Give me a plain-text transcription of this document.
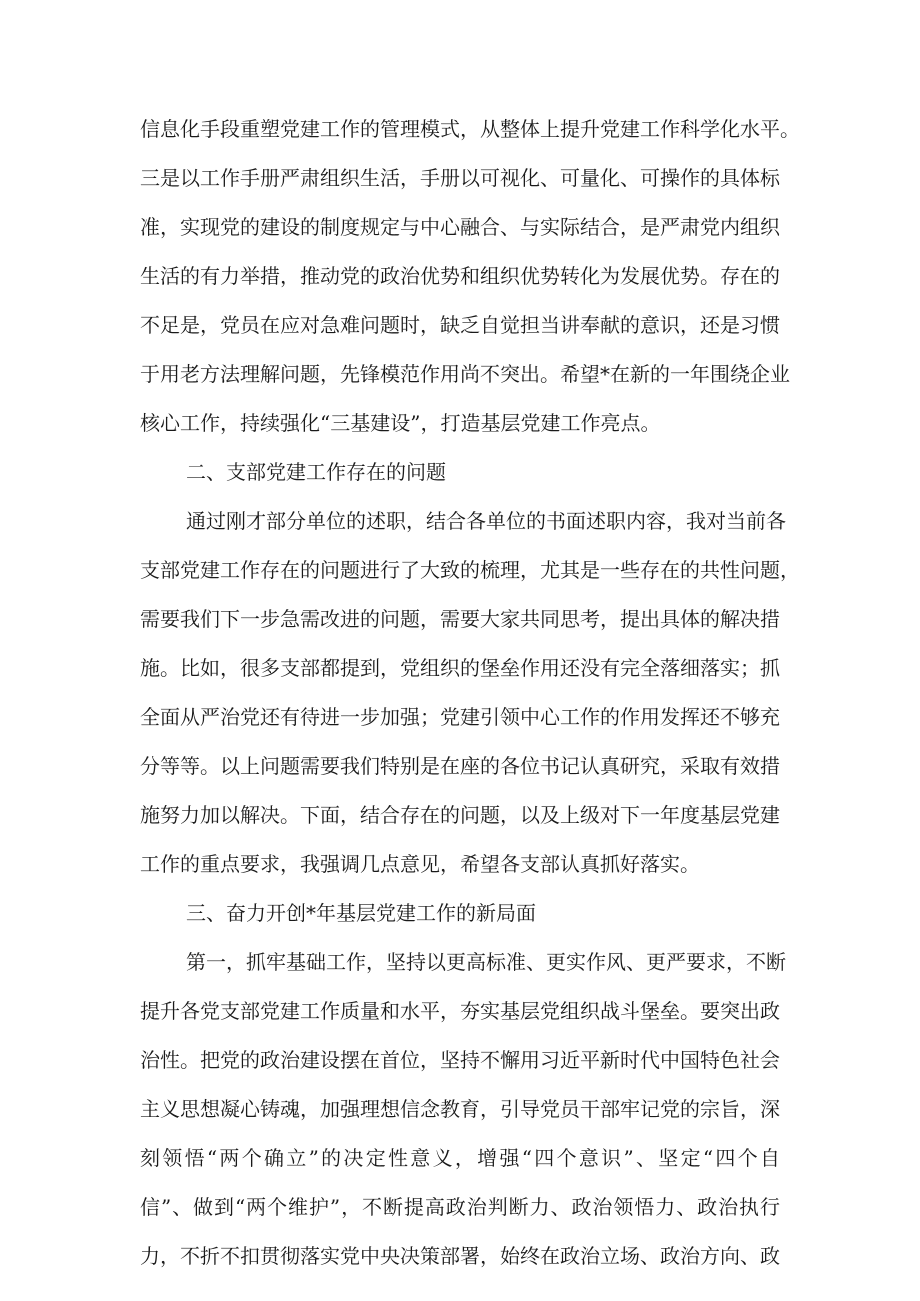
信息化手段重塑党建工作的管理模式，从整体上提升党建工作科学化水平。
三是以工作手册严肃组织生活，手册以可视化、可量化、可操作的具体标
准，实现党的建设的制度规定与中心融合、与实际结合，是严肃党内组织
生活的有力举措，推动党的政治优势和组织优势转化为发展优势。存在的
不足是，党员在应对急难问题时，缺乏自觉担当讲奉献的意识，还是习惯
于用老方法理解问题，先锋模范作用尚不突出。希望*在新的一年围绕企业
核心工作，持续强化“三基建设”，打造基层党建工作亮点。
二、支部党建工作存在的问题
通过刚才部分单位的述职，结合各单位的书面述职内容，我对当前各
支部党建工作存在的问题进行了大致的梳理，尤其是一些存在的共性问题，
需要我们下一步急需改进的问题，需要大家共同思考，提出具体的解决措
施。比如，很多支部都提到，党组织的堡垒作用还没有完全落细落实；抓
全面从严治党还有待进一步加强；党建引领中心工作的作用发挥还不够充
分等等。以上问题需要我们特别是在座的各位书记认真研究，采取有效措
施努力加以解决。下面，结合存在的问题，以及上级对下一年度基层党建
工作的重点要求，我强调几点意见，希望各支部认真抓好落实。
三、奋力开创*年基层党建工作的新局面
第一，抓牢基础工作，坚持以更高标准、更实作风、更严要求，不断
提升各党支部党建工作质量和水平，夯实基层党组织战斗堡垒。要突出政
治性。把党的政治建设摆在首位，坚持不懈用习近平新时代中国特色社会
主义思想凝心铸魂，加强理想信念教育，引导党员干部牢记党的宗旨，深
刻领悟“两个确立”的决定性意义，增强“四个意识”、坚定“四个自
信”、做到“两个维护”，不断提高政治判断力、政治领悟力、政治执行
力，不折不扣贯彻落实党中央决策部署，始终在政治立场、政治方向、政
